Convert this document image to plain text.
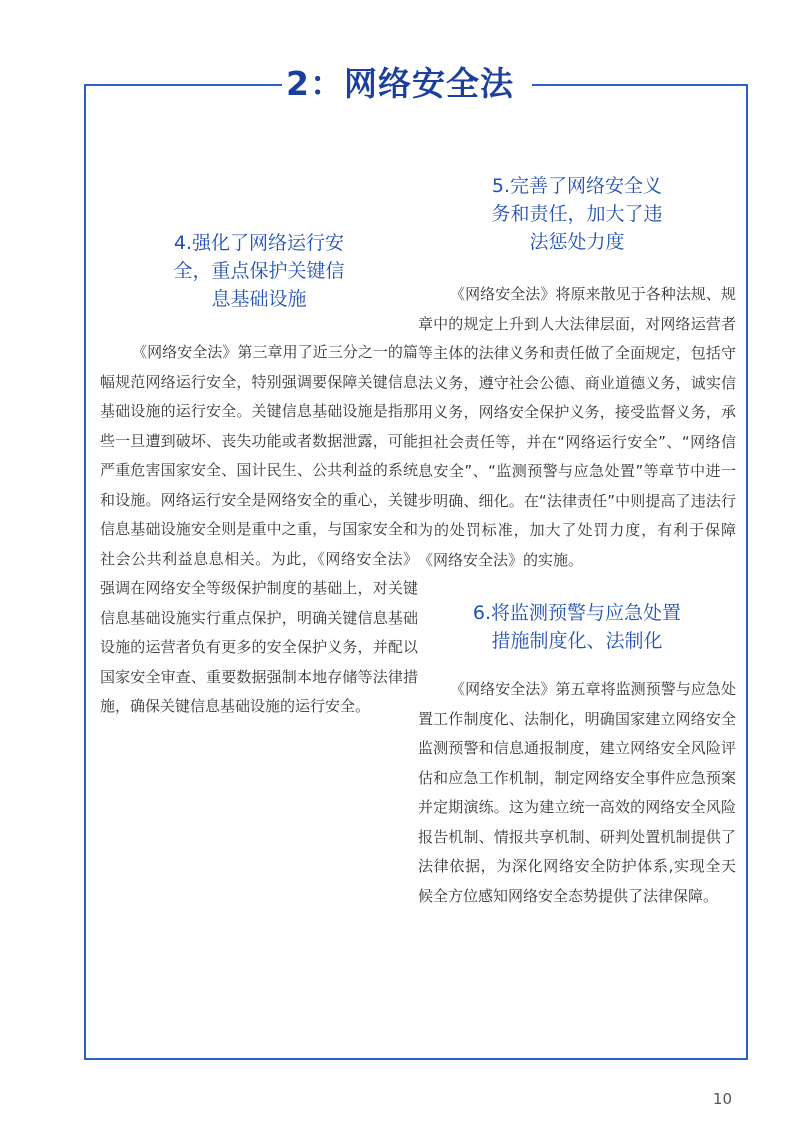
2：网络安全法
4.强化了网络运行安
全，重点保护关键信
息基础设施

《网络安全法》第三章用了近三分之一的篇幅规范网络运行安全，特别强调要保障关键信息基础设施的运行安全。关键信息基础设施是指那些一旦遭到破坏、丧失功能或者数据泄露，可能严重危害国家安全、国计民生、公共利益的系统和设施。网络运行安全是网络安全的重心，关键信息基础设施安全则是重中之重，与国家安全和社会公共利益息息相关。为此，《网络安全法》强调在网络安全等级保护制度的基础上，对关键信息基础设施实行重点保护，明确关键信息基础设施的运营者负有更多的安全保护义务，并配以国家安全审查、重要数据强制本地存储等法律措施，确保关键信息基础设施的运行安全。

5.完善了网络安全义
务和责任，加大了违
法惩处力度

《网络安全法》将原来散见于各种法规、规章中的规定上升到人大法律层面，对网络运营者等主体的法律义务和责任做了全面规定，包括守法义务，遵守社会公德、商业道德义务，诚实信用义务，网络安全保护义务，接受监督义务，承担社会责任等，并在“网络运行安全”、“网络信息安全”、“监测预警与应急处置”等章节中进一步明确、细化。在“法律责任”中则提高了违法行为的处罚标准，加大了处罚力度，有利于保障《网络安全法》的实施。

6.将监测预警与应急处置
措施制度化、法制化

《网络安全法》第五章将监测预警与应急处置工作制度化、法制化，明确国家建立网络安全监测预警和信息通报制度，建立网络安全风险评估和应急工作机制，制定网络安全事件应急预案并定期演练。这为建立统一高效的网络安全风险报告机制、情报共享机制、研判处置机制提供了法律依据，为深化网络安全防护体系,实现全天候全方位感知网络安全态势提供了法律保障。

10
